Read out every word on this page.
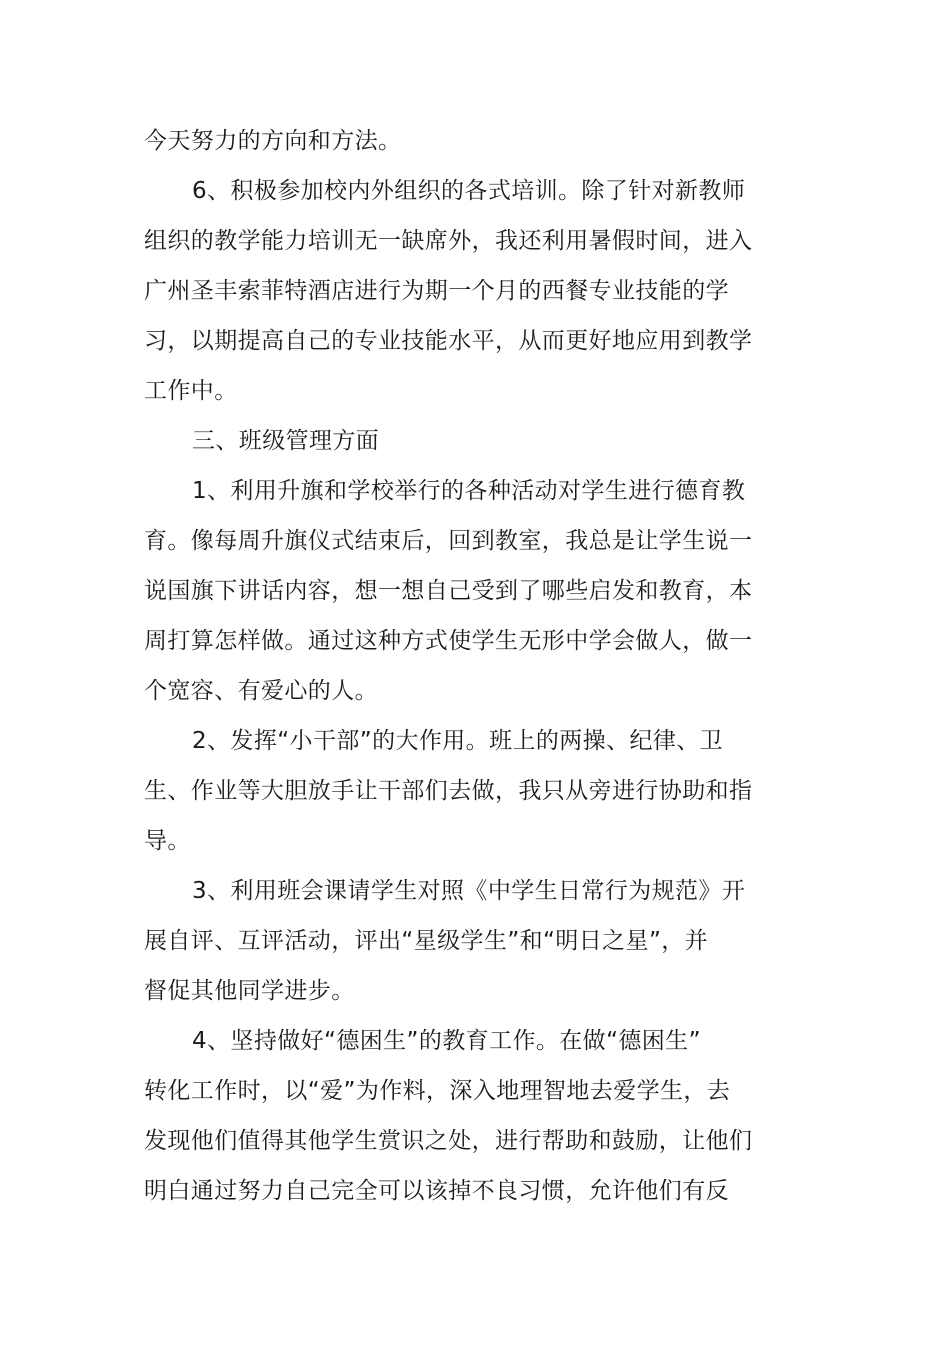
今天努力的方向和方法。
6、积极参加校内外组织的各式培训。除了针对新教师
组织的教学能力培训无一缺席外，我还利用暑假时间，进入
广州圣丰索菲特酒店进行为期一个月的西餐专业技能的学
习，以期提高自己的专业技能水平，从而更好地应用到教学
工作中。
三、班级管理方面
1、利用升旗和学校举行的各种活动对学生进行德育教
育。像每周升旗仪式结束后，回到教室，我总是让学生说一
说国旗下讲话内容，想一想自己受到了哪些启发和教育，本
周打算怎样做。通过这种方式使学生无形中学会做人，做一
个宽容、有爱心的人。
2、发挥“小干部”的大作用。班上的两操、纪律、卫
生、作业等大胆放手让干部们去做，我只从旁进行协助和指
导。
3、利用班会课请学生对照《中学生日常行为规范》开
展自评、互评活动，评出“星级学生”和“明日之星”，并
督促其他同学进步。
4、坚持做好“德困生”的教育工作。在做“德困生”
转化工作时，以“爱”为作料，深入地理智地去爱学生，去
发现他们值得其他学生赏识之处，进行帮助和鼓励，让他们
明白通过努力自己完全可以该掉不良习惯，允许他们有反
